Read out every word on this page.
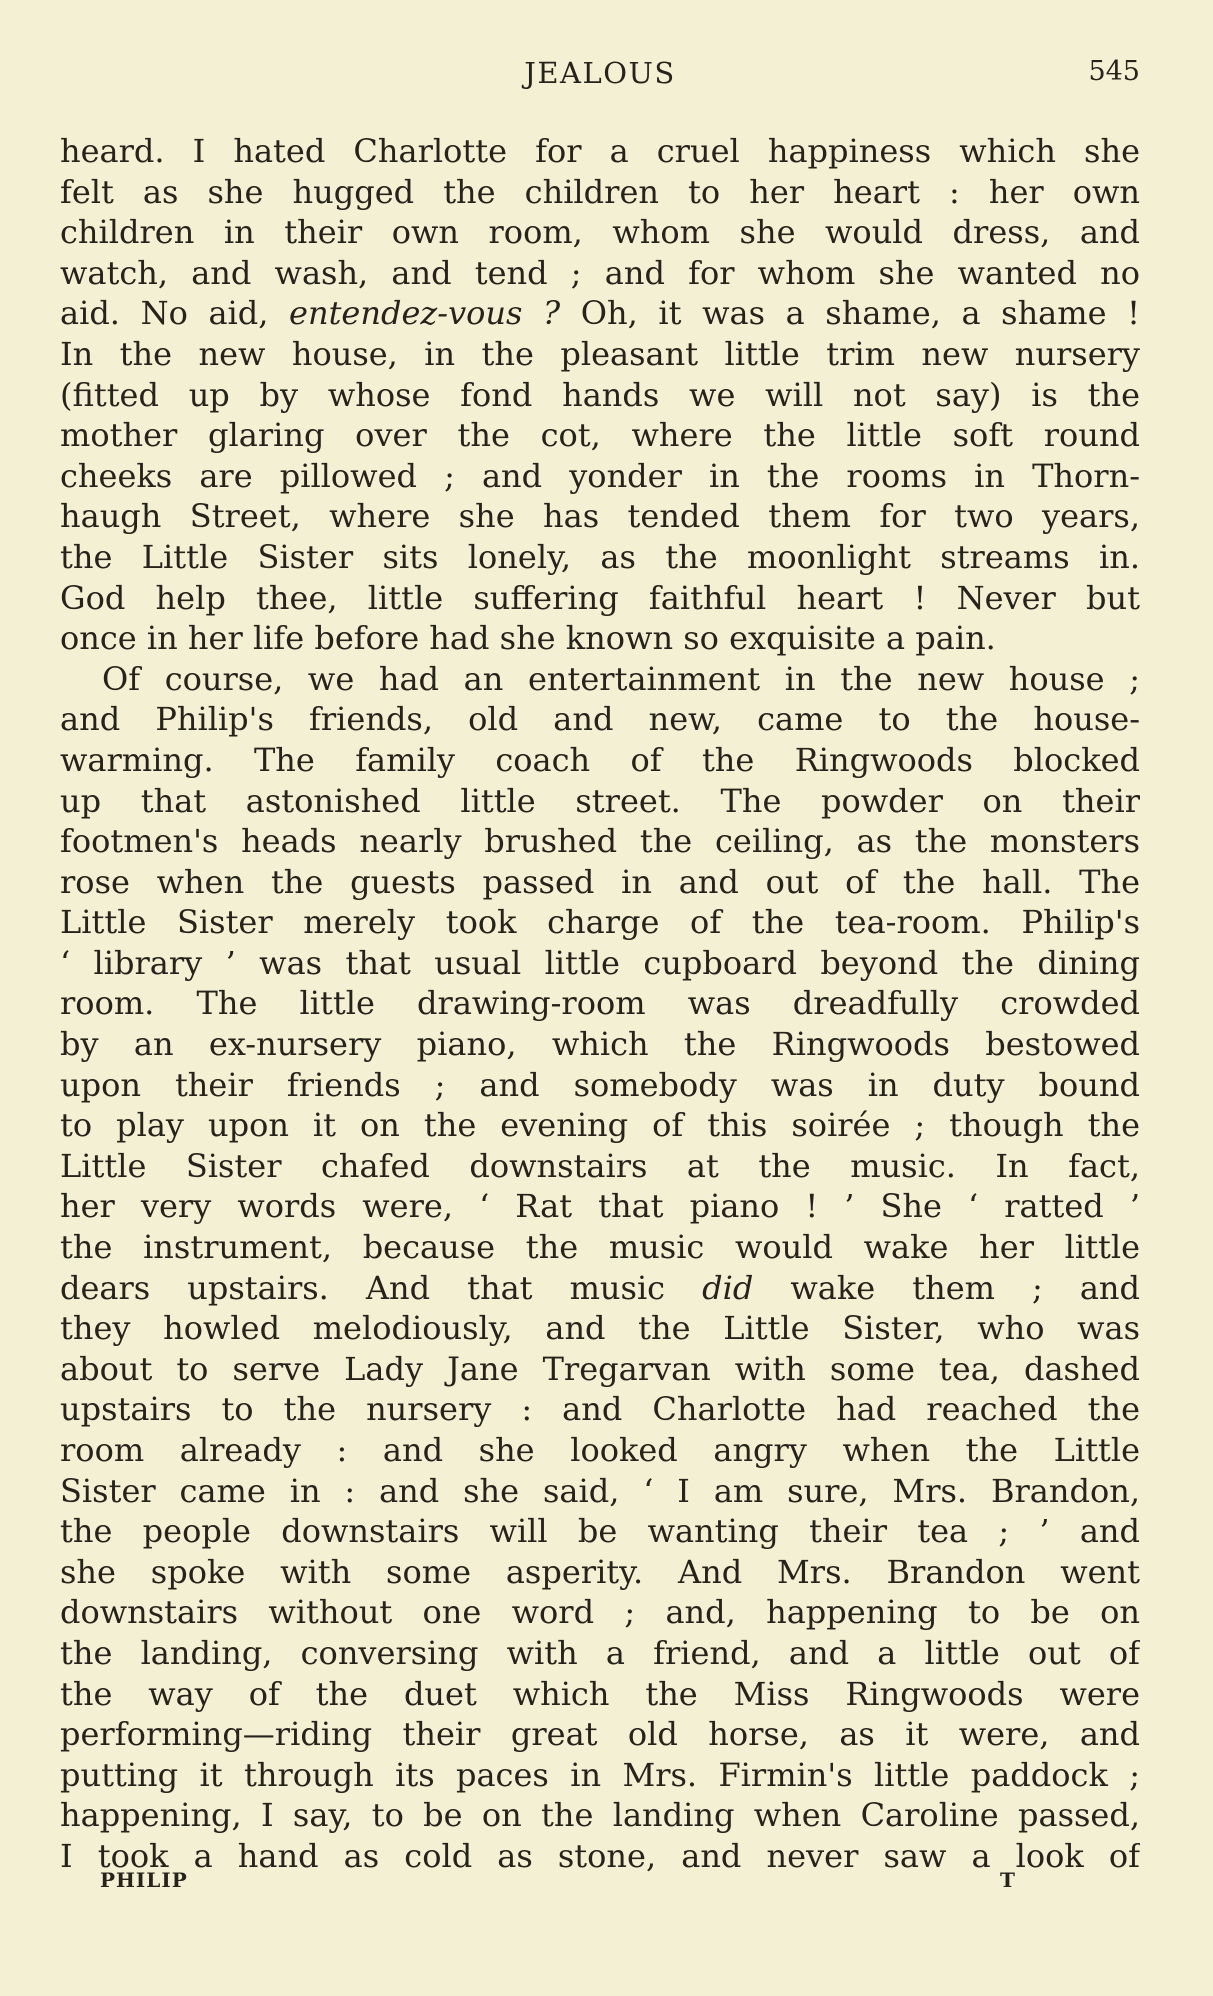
JEALOUS	545
heard. I hated Charlotte for a cruel happiness which she
felt as she hugged the children to her heart : her own
children in their own room, whom she would dress, and
watch, and wash, and tend ; and for whom she wanted no
aid. No aid, entendez-vous ? Oh, it was a shame, a shame !
In the new house, in the pleasant little trim new nursery
(fitted up by whose fond hands we will not say) is the
mother glaring over the cot, where the little soft round
cheeks are pillowed ; and yonder in the rooms in Thorn-
haugh Street, where she has tended them for two years,
the Little Sister sits lonely, as the moonlight streams in.
God help thee, little suffering faithful heart ! Never but
once in her life before had she known so exquisite a pain.
Of course, we had an entertainment in the new house ;
and Philip's friends, old and new, came to the house-
warming. The family coach of the Ringwoods blocked
up that astonished little street. The powder on their
footmen's heads nearly brushed the ceiling, as the monsters
rose when the guests passed in and out of the hall. The
Little Sister merely took charge of the tea-room. Philip's
‘ library ’ was that usual little cupboard beyond the dining
room. The little drawing-room was dreadfully crowded
by an ex-nursery piano, which the Ringwoods bestowed
upon their friends ; and somebody was in duty bound
to play upon it on the evening of this soirée ; though the
Little Sister chafed downstairs at the music. In fact,
her very words were, ‘ Rat that piano ! ’ She ‘ ratted ’
the instrument, because the music would wake her little
dears upstairs. And that music did wake them ; and
they howled melodiously, and the Little Sister, who was
about to serve Lady Jane Tregarvan with some tea, dashed
upstairs to the nursery : and Charlotte had reached the
room already : and she looked angry when the Little
Sister came in : and she said, ‘ I am sure, Mrs. Brandon,
the people downstairs will be wanting their tea ; ’ and
she spoke with some asperity. And Mrs. Brandon went
downstairs without one word ; and, happening to be on
the landing, conversing with a friend, and a little out of
the way of the duet which the Miss Ringwoods were
performing—riding their great old horse, as it were, and
putting it through its paces in Mrs. Firmin's little paddock ;
happening, I say, to be on the landing when Caroline passed,
I took a hand as cold as stone, and never saw a look of
PHILIP	T
